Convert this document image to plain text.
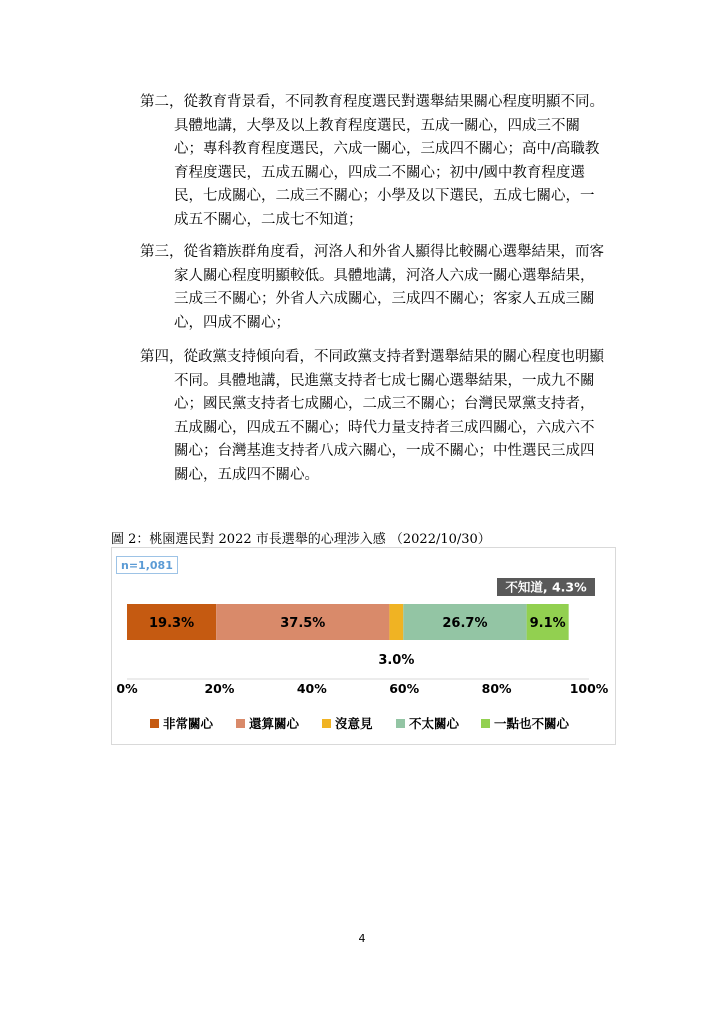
第二，從教育背景看，不同教育程度選民對選舉結果關心程度明顯不同。
具體地講，大學及以上教育程度選民，五成一關心，四成三不關
心；專科教育程度選民，六成一關心，三成四不關心；高中/高職教
育程度選民，五成五關心，四成二不關心；初中/國中教育程度選
民，七成關心，二成三不關心；小學及以下選民，五成七關心，一
成五不關心，二成七不知道；
第三，從省籍族群角度看，河洛人和外省人顯得比較關心選舉結果，而客
家人關心程度明顯較低。具體地講，河洛人六成一關心選舉結果，
三成三不關心；外省人六成關心，三成四不關心；客家人五成三關
心，四成不關心；
第四，從政黨支持傾向看，不同政黨支持者對選舉結果的關心程度也明顯
不同。具體地講，民進黨支持者七成七關心選舉結果，一成九不關
心；國民黨支持者七成關心，二成三不關心；台灣民眾黨支持者，
五成關心，四成五不關心；時代力量支持者三成四關心，六成六不
關心；台灣基進支持者八成六關心，一成不關心；中性選民三成四
關心，五成四不關心。
圖 2：桃園選民對 2022 市長選舉的心理涉入感 （2022/10/30）
n=1,081
19.3%	37.5%
3.0%
26.7%	9.1%
不知道, 4.3%
0%	20%	40%	60%	80%	100%
非常關心	還算關心	沒意見	不太關心	一點也不關心
4
